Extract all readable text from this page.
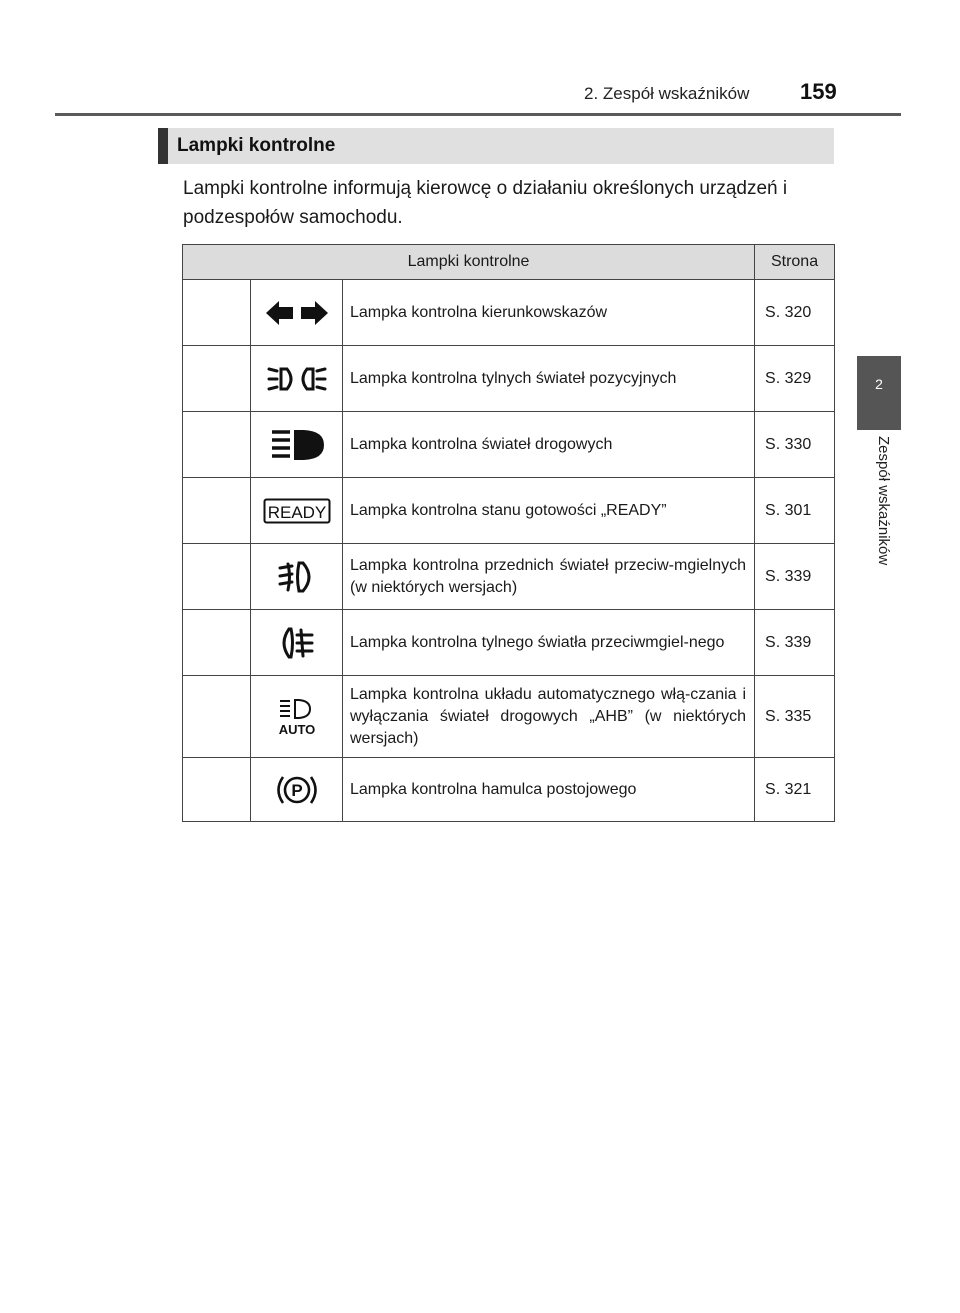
2. Zespół wskaźników 159
2
Zespół wskaźników
Lampki kontrolne

Lampki kontrolne informują kierowcę o działaniu określonych urządzeń i podzespołów samochodu.

Lampki kontrolne			Strona

	Lampka kontrolna kierunkowskazów	S. 320

	Lampka kontrolna tylnych świateł pozycyjnych	S. 329

	Lampka kontrolna świateł drogowych	S. 330

READY	Lampka kontrolna stanu gotowości „READY”	S. 301

	Lampka kontrolna przednich świateł przeciw-mgielnych (w niektórych wersjach)	S. 339

	Lampka kontrolna tylnego światła przeciwmgiel-nego	S. 339

AUTO	Lampka kontrolna układu automatycznego włą-czania i wyłączania świateł drogowych „AHB” (w niektórych wersjach)	S. 335

P	Lampka kontrolna hamulca postojowego	S. 321
